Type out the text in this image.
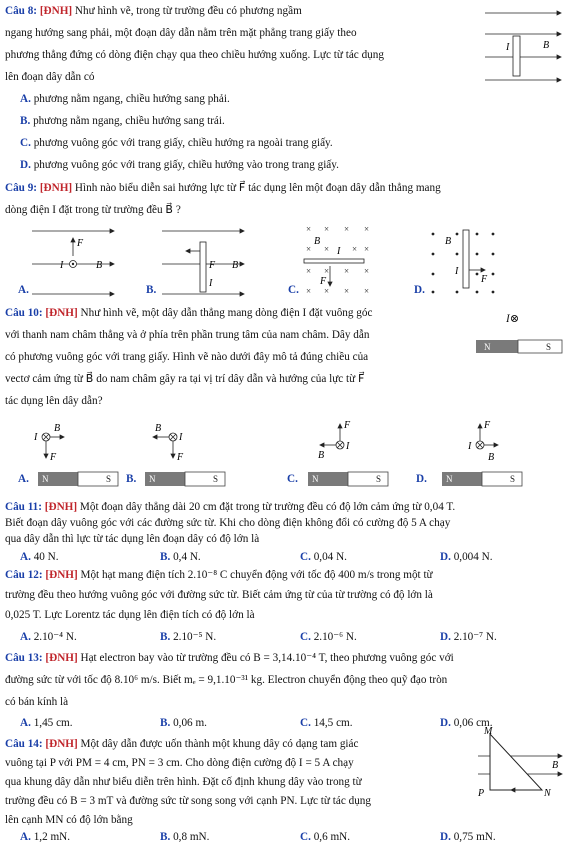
Câu 8: [ĐNH] Như hình vẽ, trong từ trường đều có phương ngầm
ngang hướng sang phải, một đoạn dây dẫn nằm trên mặt phẳng trang giấy theo
phương thẳng đứng có dòng điện chạy qua theo chiều hướng xuống. Lực từ tác dụng
lên đoạn dây dẫn có
I	B⃗
A. phương nằm ngang, chiều hướng sang phải.
B. phương nằm ngang, chiều hướng sang trái.
C. phương vuông góc với trang giấy, chiều hướng ra ngoài trang giấy.
D. phương vuông góc với trang giấy, chiều hướng vào trong trang giấy.
Câu 9: [ĐNH] Hình nào biểu diễn sai hướng lực từ F⃗ tác dụng lên một đoạn dây dẫn thẳng mang
dòng điện I đặt trong từ trường đều B⃗ ?
F⃗
I	B⃗
A.
F⃗ B⃗
I
B.
× × × ×
× ×	× ×
× × × ×
× × × ×
B⃗
I
F⃗
C.
B⃗
I
F⃗
D.
Câu 10: [ĐNH] Như hình vẽ, một dây dẫn thẳng mang dòng điện I đặt vuông góc
với thanh nam châm thẳng và ở phía trên phần trung tâm của nam châm. Dây dẫn
có phương vuông góc với trang giấy. Hình vẽ nào dưới đây mô tả đúng chiều của
vectơ cảm ứng từ B⃗ do nam châm gây ra tại vị trí dây dẫn và hướng của lực từ F⃗
tác dụng lên dây dẫn?
I⊗
N	S
I
B⃗
F⃗
N	S
A.
B⃗
I
F⃗
N	S
B.
F⃗
I
B⃗
N	S
C.
F⃗
I
B⃗
N	S
D.
Câu 11: [ĐNH] Một đoạn dây thẳng dài 20 cm đặt trong từ trường đều có độ lớn cảm ứng từ 0,04 T.
Biết đoạn dây vuông góc với các đường sức từ. Khi cho dòng điện không đổi có cường độ 5 A chạy
qua dây dẫn thì lực từ tác dụng lên đoạn dây có độ lớn là
A. 40 N.	B. 0,4 N.	C. 0,04 N.	D. 0,004 N.
Câu 12: [ĐNH] Một hạt mang điện tích 2.10⁻⁸ C chuyển động với tốc độ 400 m/s trong một từ
trường đều theo hướng vuông góc với đường sức từ. Biết cảm ứng từ của từ trường có độ lớn là
0,025 T. Lực Lorentz tác dụng lên điện tích có độ lớn là
A. 2.10⁻⁴ N.	B. 2.10⁻⁵ N.	C. 2.10⁻⁶ N.	D. 2.10⁻⁷ N.
Câu 13: [ĐNH] Hạt electron bay vào từ trường đều có B = 3,14.10⁻⁴ T, theo phương vuông góc với
đường sức từ với tốc độ 8.10⁶ m/s. Biết mₑ = 9,1.10⁻³¹ kg. Electron chuyển động theo quỹ đạo tròn
có bán kính là
A. 1,45 cm.	B. 0,06 m.	C. 14,5 cm.	D. 0,06 cm.
Câu 14: [ĐNH] Một dây dẫn được uốn thành một khung dây có dạng tam giác
vuông tại P với PM = 4 cm, PN = 3 cm. Cho dòng điện cường độ I = 5 A chạy
qua khung dây dẫn như biểu diễn trên hình. Đặt cố định khung dây vào trong từ
trường đều có B = 3 mT và đường sức từ song song với cạnh PN. Lực từ tác dụng
lên cạnh MN có độ lớn bằng
M
P	N
B⃗
A. 1,2 mN.	B. 0,8 mN.	C. 0,6 mN.	D. 0,75 mN.
